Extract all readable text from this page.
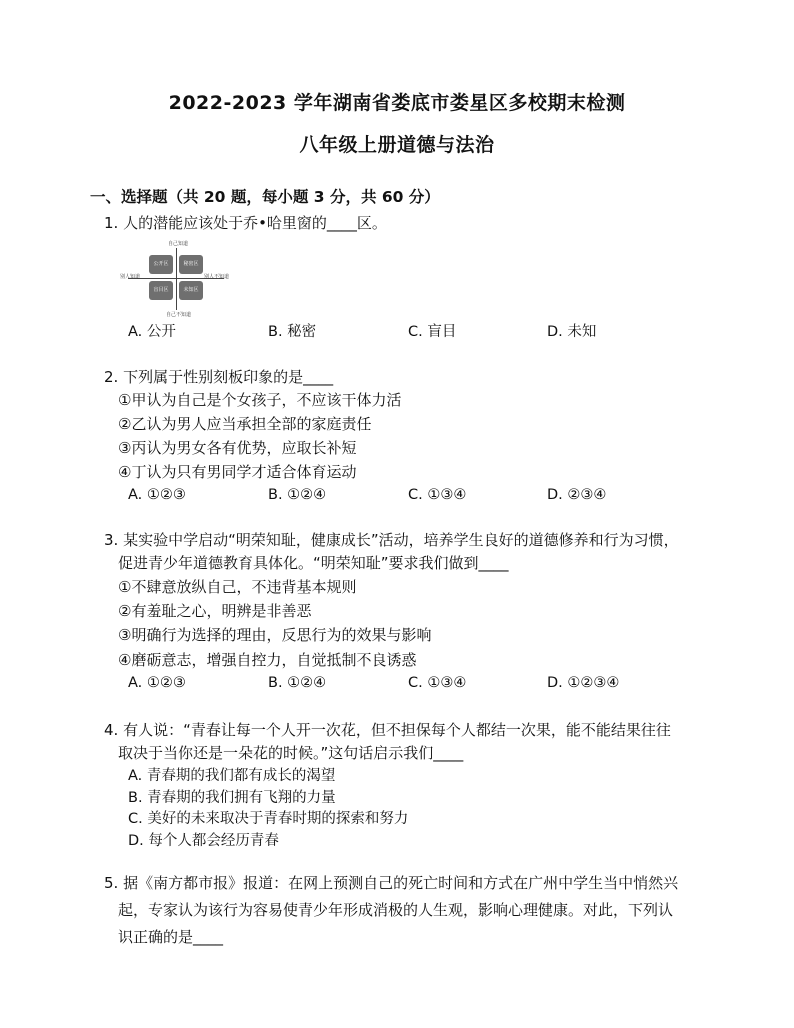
2022-2023 学年湖南省娄底市娄星区多校期末检测
八年级上册道德与法治
一、选择题（共 20 题，每小题 3 分，共 60 分）
1. 人的潜能应该处于乔•哈里窗的____区。
自己知道
自己不知道
别人知道	别人不知道
公开区	秘密区
盲目区	未知区
A. 公开	B. 秘密	C. 盲目	D. 未知
2. 下列属于性别刻板印象的是____
①甲认为自己是个女孩子，不应该干体力活
②乙认为男人应当承担全部的家庭责任
③丙认为男女各有优势，应取长补短
④丁认为只有男同学才适合体育运动
A. ①②③	B. ①②④	C. ①③④	D. ②③④
3. 某实验中学启动“明荣知耻，健康成长”活动，培养学生良好的道德修养和行为习惯，
促进青少年道德教育具体化。“明荣知耻”要求我们做到____
①不肆意放纵自己，不违背基本规则
②有羞耻之心，明辨是非善恶
③明确行为选择的理由，反思行为的效果与影响
④磨砺意志，增强自控力，自觉抵制不良诱惑
A. ①②③	B. ①②④	C. ①③④	D. ①②③④
4. 有人说：“青春让每一个人开一次花，但不担保每个人都结一次果，能不能结果往往
取决于当你还是一朵花的时候。”这句话启示我们____
A. 青春期的我们都有成长的渴望
B. 青春期的我们拥有飞翔的力量
C. 美好的未来取决于青春时期的探索和努力
D. 每个人都会经历青春
5. 据《南方都市报》报道：在网上预测自己的死亡时间和方式在广州中学生当中悄然兴
起，专家认为该行为容易使青少年形成消极的人生观，影响心理健康。对此，下列认
识正确的是____
